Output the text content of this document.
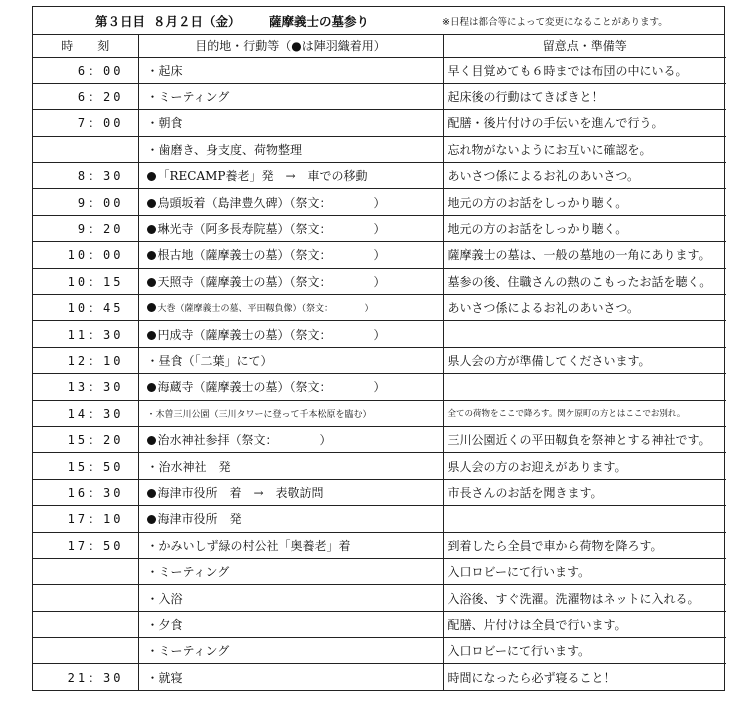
第３日目 ８月２日（金）	薩摩義士の墓参り	※日程は都合等によって変更になることがあります。
時　　刻	目的地・行動等（●は陣羽織着用）	留意点・準備等
6：00	・起床	早く目覚めても６時までは布団の中にいる。
6：20	・ミーティング	起床後の行動はてきぱきと！
7：00	・朝食	配膳・後片付けの手伝いを進んで行う。
	・歯磨き、身支度、荷物整理	忘れ物がないようにお互いに確認を。
8：30	「RECAMP養老」発　→　車での移動	あいさつ係によるお礼のあいさつ。
9：00	烏頭坂着（島津豊久碑）（祭文：　　　　）	地元の方のお話をしっかり聴く。
9：20	琳光寺（阿多長寿院墓）（祭文：　　　　）	地元の方のお話をしっかり聴く。
10：00	根古地（薩摩義士の墓）（祭文：　　　　）	薩摩義士の墓は、一般の墓地の一角にあります。
10：15	天照寺（薩摩義士の墓）（祭文：　　　　）	墓参の後、住職さんの熱のこもったお話を聴く。
10：45	大巻（薩摩義士の墓、平田靱負像）（祭文：　　　　）	あいさつ係によるお礼のあいさつ。
11：30	円成寺（薩摩義士の墓）（祭文：　　　　）	
12：10	・昼食（「二葉」にて）	県人会の方が準備してくださいます。
13：30	海蔵寺（薩摩義士の墓）（祭文：　　　　）	
14：30	・木曽三川公園（三川タワーに登って千本松原を臨む）	全ての荷物をここで降ろす。関ケ原町の方とはここでお別れ。
15：20	治水神社参拝（祭文：　　　　）	三川公園近くの平田靱負を祭神とする神社です。
15：50	・治水神社　発	県人会の方のお迎えがあります。
16：30	海津市役所　着　→　表敬訪問	市長さんのお話を聞きます。
17：10	海津市役所　発	
17：50	・かみいしず緑の村公社「奥養老」着	到着したら全員で車から荷物を降ろす。
	・ミーティング	入口ロビーにて行います。
	・入浴	入浴後、すぐ洗濯。洗濯物はネットに入れる。
	・夕食	配膳、片付けは全員で行います。
	・ミーティング	入口ロビーにて行います。
21：30	・就寝	時間になったら必ず寝ること！
